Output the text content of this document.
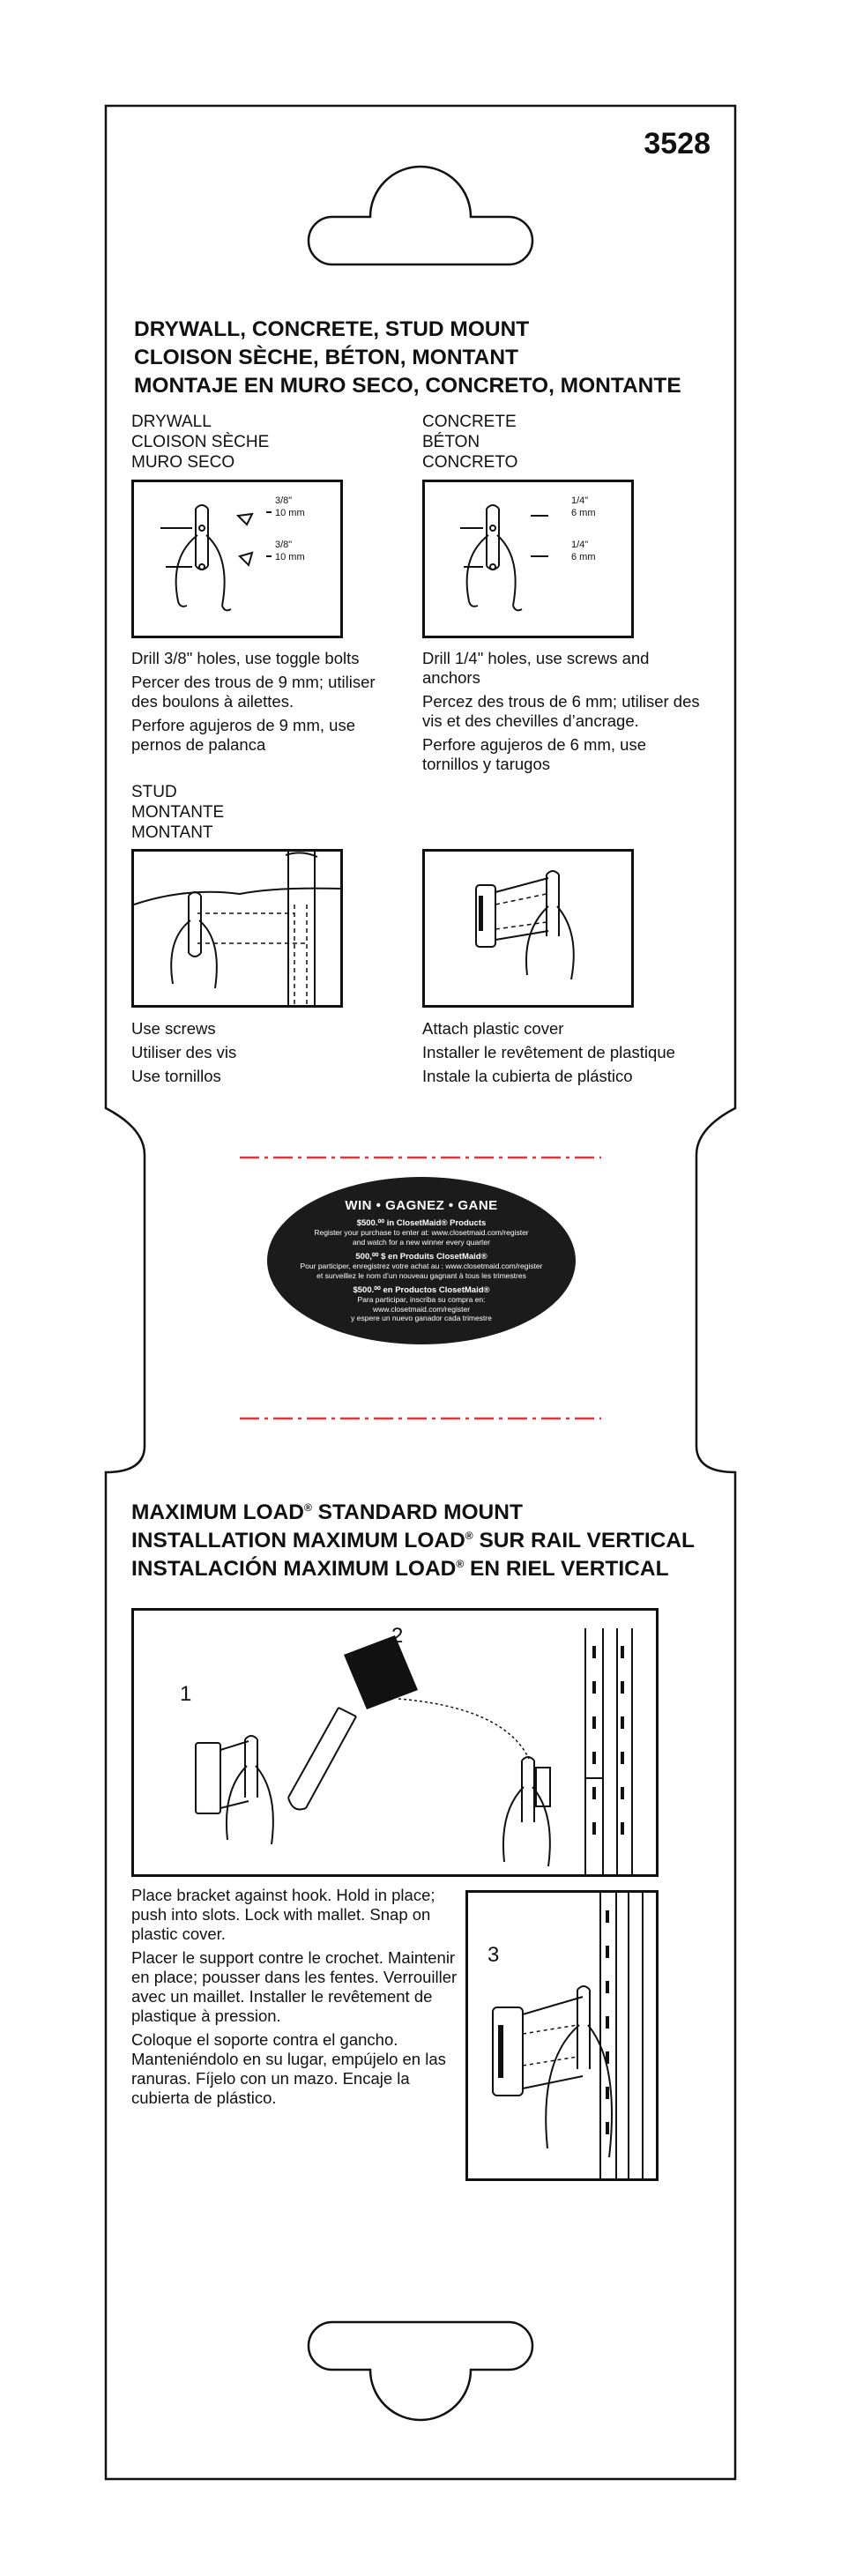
3528
DRYWALL, CONCRETE, STUD MOUNT
CLOISON SÈCHE, BÉTON, MONTANT
MONTAJE EN MURO SECO, CONCRETO, MONTANTE
DRYWALL
CLOISON SÈCHE
MURO SECO
3/8"
10 mm
3/8"
10 mm

Drill 3/8" holes, use toggle bolts

Percer des trous de 9 mm; utiliser des boulons à ailettes.

Perfore agujeros de 9 mm, use pernos de palanca

CONCRETE
BÉTON
CONCRETO
1/4"
6 mm
1/4"
6 mm

Drill 1/4" holes, use screws and anchors

Percez des trous de 6 mm; utiliser des vis et des chevilles d’ancrage.

Perfore agujeros de 6 mm, use tornillos y tarugos

STUD
MONTANTE
MONTANT

Use screws

Utiliser des vis

Use tornillos

Attach plastic cover

Installer le revêtement de plastique

Instale la cubierta de plástico

WIN • GAGNEZ • GANE
$500.⁰⁰ in ClosetMaid® Products
Register your purchase to enter at: www.closetmaid.com/register
and watch for a new winner every quarter
500,⁰⁰ $ en Produits ClosetMaid®
Pour participer, enregistrez votre achat au : www.closetmaid.com/register
et surveillez le nom d’un nouveau gagnant à tous les trimestres
$500.⁰⁰ en Productos ClosetMaid®
Para participar, inscriba su compra en:
www.closetmaid.com/register
y espere un nuevo ganador cada trimestre
MAXIMUM LOAD® STANDARD MOUNT
INSTALLATION MAXIMUM LOAD® SUR RAIL VERTICAL
INSTALACIÓN MAXIMUM LOAD® EN RIEL VERTICAL
1
2

Place bracket against hook. Hold in place; push into slots. Lock with mallet. Snap on plastic cover.

Placer le support contre le crochet. Maintenir en place; pousser dans les fentes. Verrouiller avec un maillet. Installer le revêtement de plastique à pression.

Coloque el soporte contra el gancho. Manteniéndolo en su lugar, empújelo en las ranuras. Fíjelo con un mazo. Encaje la cubierta de plástico.

3
